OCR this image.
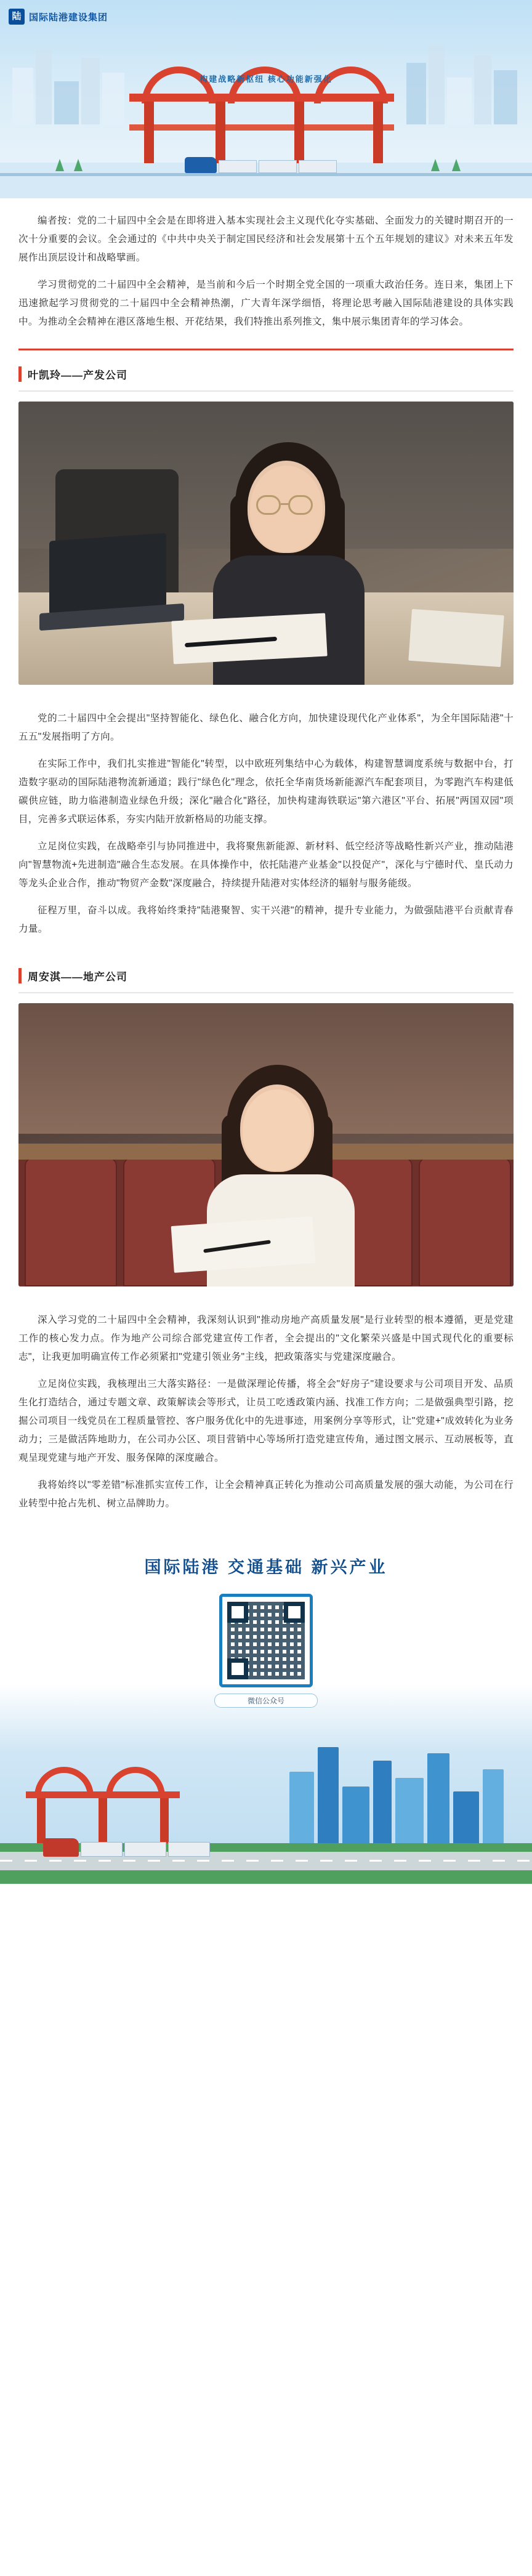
陆 国际陆港建设集团
构建战略新枢纽 核心功能新强化

编者按：党的二十届四中全会是在即将进入基本实现社会主义现代化夺实基础、全面发力的关键时期召开的一次十分重要的会议。全会通过的《中共中央关于制定国民经济和社会发展第十五个五年规划的建议》对未来五年发展作出顶层设计和战略擘画。

学习贯彻党的二十届四中全会精神，是当前和今后一个时期全党全国的一项重大政治任务。连日来，集团上下迅速掀起学习贯彻党的二十届四中全会精神热潮，广大青年深学细悟，将理论思考融入国际陆港建设的具体实践中。为推动全会精神在港区落地生根、开花结果，我们特推出系列推文，集中展示集团青年的学习体会。

叶凯玲——产发公司

党的二十届四中全会提出"坚持智能化、绿色化、融合化方向，加快建设现代化产业体系"，为全年国际陆港"十五五"发展指明了方向。

在实际工作中，我们扎实推进"智能化"转型，以中欧班列集结中心为载体，构建智慧调度系统与数据中台，打造数字驱动的国际陆港物流新通道；践行"绿色化"理念，依托全华南货场新能源汽车配套项目，为零跑汽车构建低碳供应链，助力临港制造业绿色升级；深化"融合化"路径，加快构建海铁联运"第六港区"平台、拓展"两国双园"项目，完善多式联运体系，夯实内陆开放新格局的功能支撑。

立足岗位实践，在战略牵引与协同推进中，我将聚焦新能源、新材料、低空经济等战略性新兴产业，推动陆港向"智慧物流+先进制造"融合生态发展。在具体操作中，依托陆港产业基金"以投促产"，深化与宁德时代、皇氏动力等龙头企业合作，推动"物贸产金数"深度融合，持续提升陆港对实体经济的辐射与服务能级。

征程万里，奋斗以成。我将始终秉持"陆港聚智、实干兴港"的精神，提升专业能力，为做强陆港平台贡献青春力量。

周安淇——地产公司

深入学习党的二十届四中全会精神，我深刻认识到"推动房地产高质量发展"是行业转型的根本遵循，更是党建工作的核心发力点。作为地产公司综合部党建宣传工作者，全会提出的"文化繁荣兴盛是中国式现代化的重要标志"，让我更加明确宣传工作必须紧扣"党建引领业务"主线，把政策落实与党建深度融合。

立足岗位实践，我核理出三大落实路径：一是做深理论传播，将全会"好房子"建设要求与公司项目开发、品质生化打造结合，通过专题文章、政策解读会等形式，让员工吃透政策内涵、找准工作方向；二是做强典型引路，挖掘公司项目一线党员在工程质量管控、客户服务优化中的先进事迹，用案例分享等形式，让"党建+"成效转化为业务动力；三是做活阵地助力，在公司办公区、项目营销中心等场所打造党建宣传角，通过图文展示、互动展板等，直观呈现党建与地产开发、服务保障的深度融合。

我将始终以"零差错"标准抓实宣传工作，让全会精神真正转化为推动公司高质量发展的强大动能，为公司在行业转型中抢占先机、树立品牌助力。

国际陆港 交通基础 新兴产业
微信公众号
